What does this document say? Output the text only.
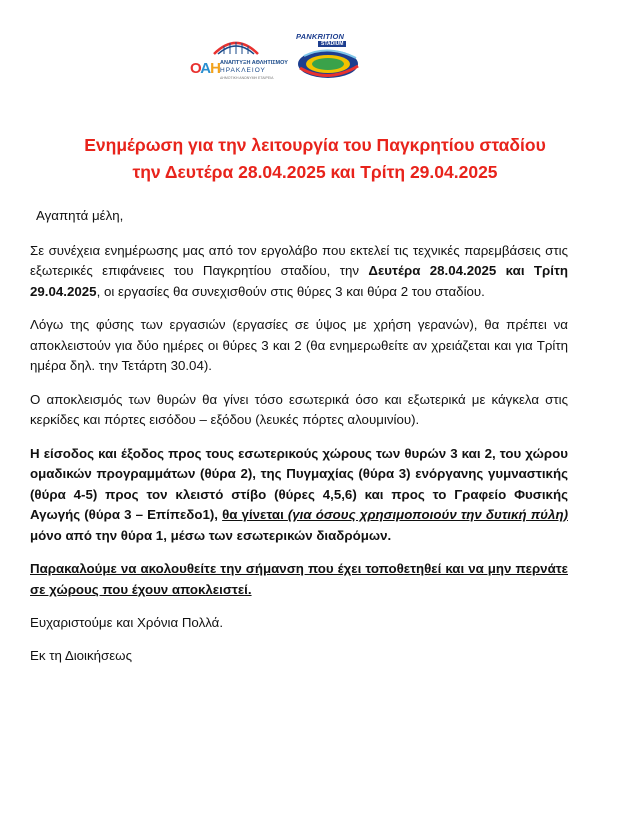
ΟΑΗ ΑΝΑΠΤΥΞΗ ΑΘΛΗΤΙΣΜΟΥ
ΗΡΑΚΛΕΙΟΥ
ΔΗΜΟΤΙΚΗ ΑΝΩΝΥΜΗ ΕΤΑΙΡΕΙΑ
PANKRITION
STADIUM
Ενημέρωση για την λειτουργία του Παγκρητίου σταδίου
την Δευτέρα 28.04.2025 και Τρίτη 29.04.2025
Αγαπητά μέλη,
Σε συνέχεια ενημέρωσης μας από τον εργολάβο που εκτελεί τις τεχνικές παρεμβάσεις στις εξωτερικές επιφάνειες του Παγκρητίου σταδίου, την Δευτέρα 28.04.2025 και Τρίτη 29.04.2025, οι εργασίες θα συνεχισθούν στις θύρες 3 και θύρα 2 του σταδίου.
Λόγω της φύσης των εργασιών (εργασίες σε ύψος με χρήση γερανών), θα πρέπει να αποκλειστούν για δύο ημέρες οι θύρες 3 και 2 (θα ενημερωθείτε αν χρειάζεται και για Τρίτη ημέρα δηλ. την Τετάρτη 30.04).
Ο αποκλεισμός των θυρών θα γίνει τόσο εσωτερικά όσο και εξωτερικά με κάγκελα στις κερκίδες και πόρτες εισόδου – εξόδου (λευκές πόρτες αλουμινίου).
Η είσοδος και έξοδος προς τους εσωτερικούς χώρους των θυρών 3 και 2, του χώρου ομαδικών προγραμμάτων (θύρα 2), της Πυγμαχίας (θύρα 3) ενόργανης γυμναστικής (θύρα 4-5) προς τον κλειστό στίβο (θύρες 4,5,6) και προς το Γραφείο Φυσικής Αγωγής (θύρα 3 – Επίπεδο1), θα γίνεται (για όσους χρησιμοποιούν την δυτική πύλη) μόνο από την θύρα 1, μέσω των εσωτερικών διαδρόμων.
Παρακαλούμε να ακολουθείτε την σήμανση που έχει τοποθετηθεί και να μην περνάτε σε χώρους που έχουν αποκλειστεί.
Ευχαριστούμε και Χρόνια Πολλά.
Εκ τη Διοικήσεως
